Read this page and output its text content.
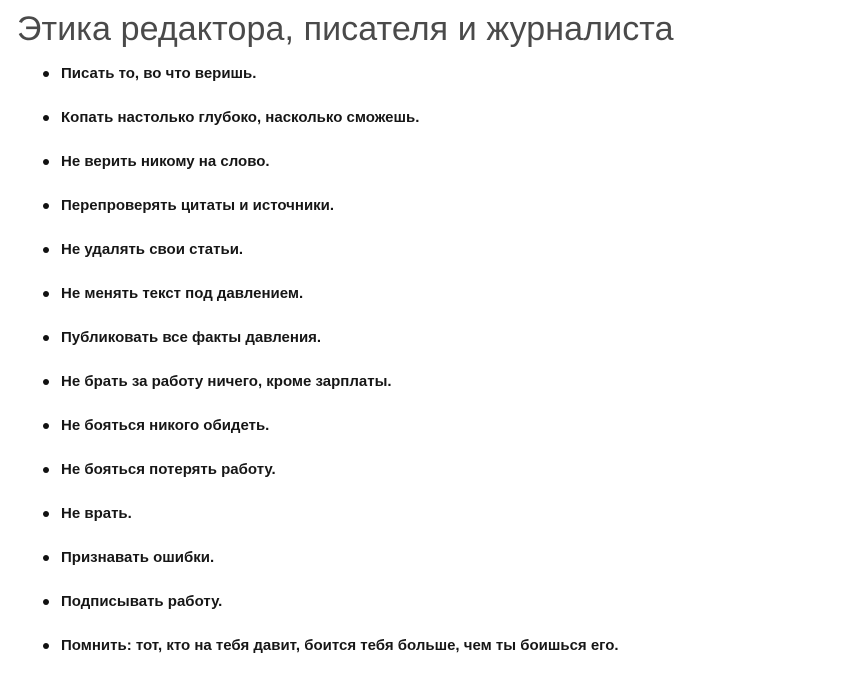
Этика редактора, писателя и журналиста
Писать то, во что веришь.
Копать настолько глубоко, насколько сможешь.
Не верить никому на слово.
Перепроверять цитаты и источники.
Не удалять свои статьи.
Не менять текст под давлением.
Публиковать все факты давления.
Не брать за работу ничего, кроме зарплаты.
Не бояться никого обидеть.
Не бояться потерять работу.
Не врать.
Признавать ошибки.
Подписывать работу.
Помнить: тот, кто на тебя давит, боится тебя больше, чем ты боишься его.
